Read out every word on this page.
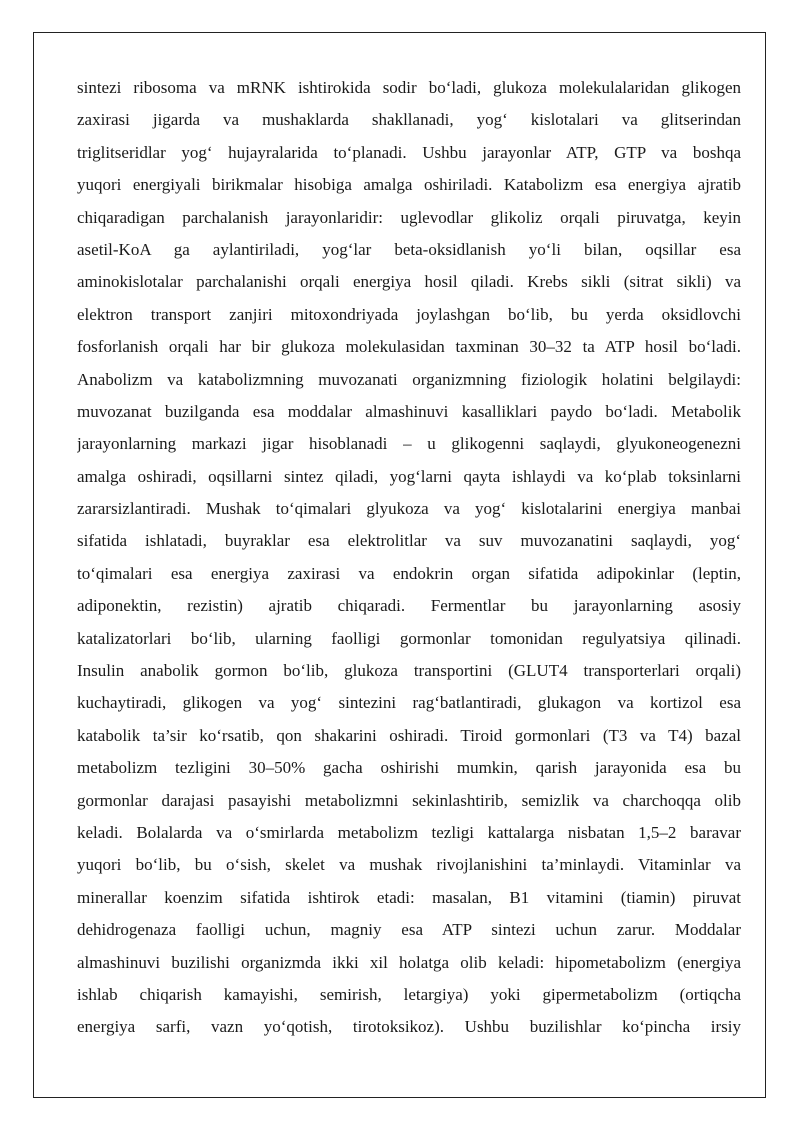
sintezi ribosoma va mRNK ishtirokida sodir bo‘ladi, glukoza molekulalaridan glikogen
zaxirasi jigarda va mushaklarda shakllanadi, yog‘ kislotalari va glitserindan
triglitseridlar yog‘ hujayralarida to‘planadi. Ushbu jarayonlar ATP, GTP va boshqa
yuqori energiyali birikmalar hisobiga amalga oshiriladi. Katabolizm esa energiya ajratib
chiqaradigan parchalanish jarayonlaridir: uglevodlar glikoliz orqali piruvatga, keyin
asetil-KoA ga aylantiriladi, yog‘lar beta-oksidlanish yo‘li bilan, oqsillar esa
aminokislotalar parchalanishi orqali energiya hosil qiladi. Krebs sikli (sitrat sikli) va
elektron transport zanjiri mitoxondriyada joylashgan bo‘lib, bu yerda oksidlovchi
fosforlanish orqali har bir glukoza molekulasidan taxminan 30–32 ta ATP hosil bo‘ladi.
Anabolizm va katabolizmning muvozanati organizmning fiziologik holatini belgilaydi:
muvozanat buzilganda esa moddalar almashinuvi kasalliklari paydo bo‘ladi. Metabolik
jarayonlarning markazi jigar hisoblanadi – u glikogenni saqlaydi, glyukoneogenezni
amalga oshiradi, oqsillarni sintez qiladi, yog‘larni qayta ishlaydi va ko‘plab toksinlarni
zararsizlantiradi. Mushak to‘qimalari glyukoza va yog‘ kislotalarini energiya manbai
sifatida ishlatadi, buyraklar esa elektrolitlar va suv muvozanatini saqlaydi, yog‘
to‘qimalari esa energiya zaxirasi va endokrin organ sifatida adipokinlar (leptin,
adiponektin, rezistin) ajratib chiqaradi. Fermentlar bu jarayonlarning asosiy
katalizatorlari bo‘lib, ularning faolligi gormonlar tomonidan regulyatsiya qilinadi.
Insulin anabolik gormon bo‘lib, glukoza transportini (GLUT4 transporterlari orqali)
kuchaytiradi, glikogen va yog‘ sintezini rag‘batlantiradi, glukagon va kortizol esa
katabolik ta’sir ko‘rsatib, qon shakarini oshiradi. Tiroid gormonlari (T3 va T4) bazal
metabolizm tezligini 30–50% gacha oshirishi mumkin, qarish jarayonida esa bu
gormonlar darajasi pasayishi metabolizmni sekinlashtirib, semizlik va charchoqqa olib
keladi. Bolalarda va o‘smirlarda metabolizm tezligi kattalarga nisbatan 1,5–2 baravar
yuqori bo‘lib, bu o‘sish, skelet va mushak rivojlanishini ta’minlaydi. Vitaminlar va
minerallar koenzim sifatida ishtirok etadi: masalan, B1 vitamini (tiamin) piruvat
dehidrogenaza faolligi uchun, magniy esa ATP sintezi uchun zarur. Moddalar
almashinuvi buzilishi organizmda ikki xil holatga olib keladi: hipometabolizm (energiya
ishlab chiqarish kamayishi, semirish, letargiya) yoki gipermetabolizm (ortiqcha
energiya sarfi, vazn yo‘qotish, tirotoksikoz). Ushbu buzilishlar ko‘pincha irsiy
